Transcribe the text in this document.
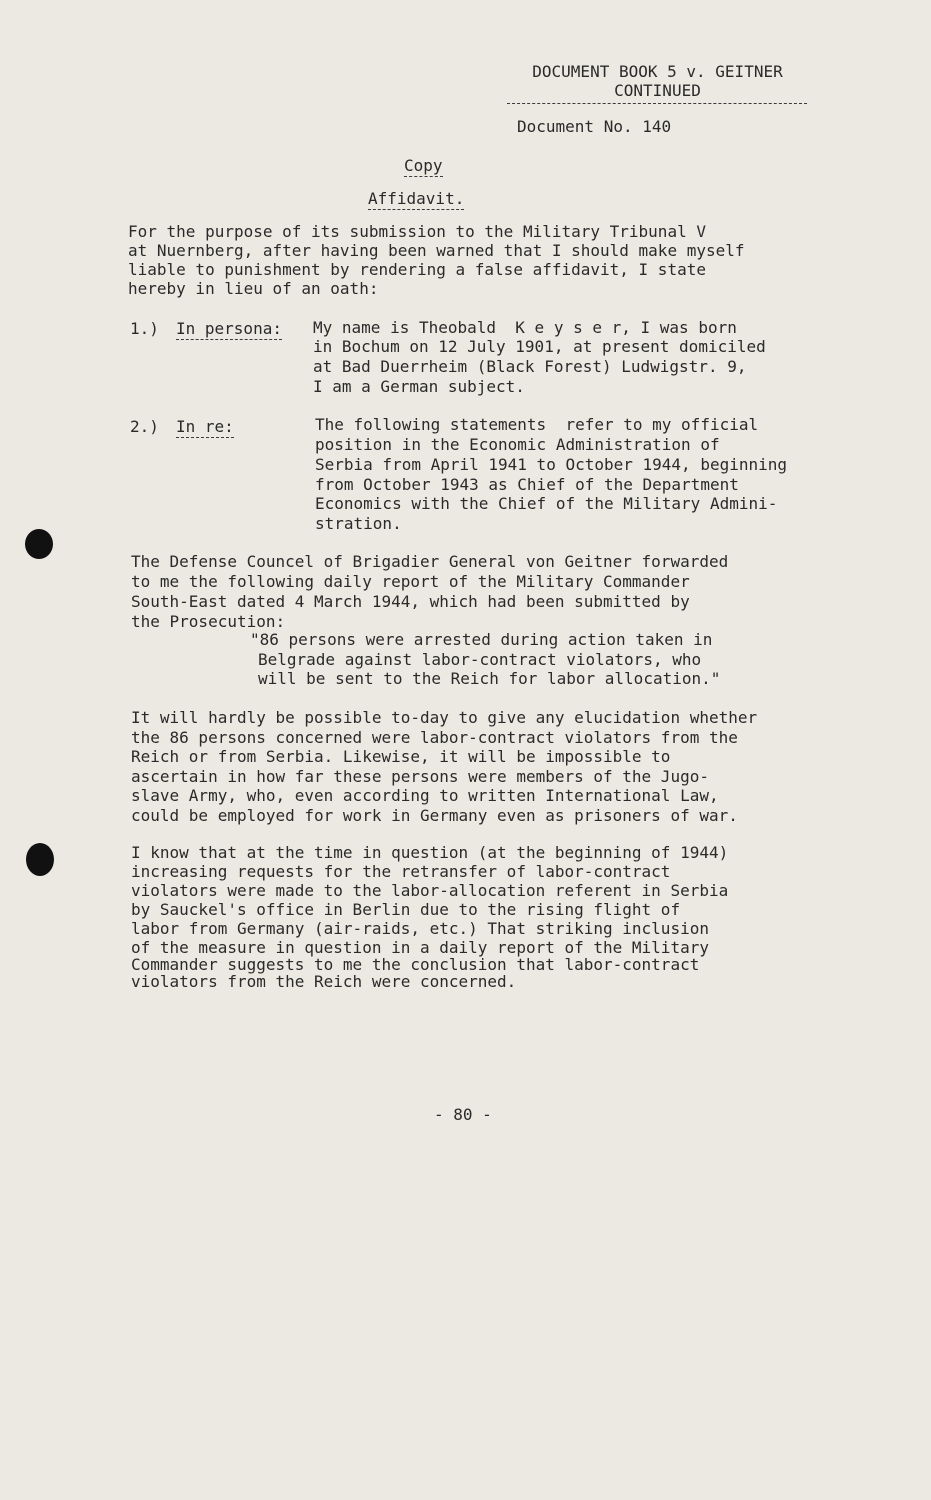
DOCUMENT BOOK 5 v. GEITNER
CONTINUED
Document No. 140
Copy
Affidavit.
For the purpose of its submission to the Military Tribunal V
at Nuernberg, after having been warned that I should make myself
liable to punishment by rendering a false affidavit, I state
hereby in lieu of an oath:
1.) In persona: My name is Theobald  K e y s e r, I was born
in Bochum on 12 July 1901, at present domiciled
at Bad Duerrheim (Black Forest) Ludwigstr. 9,
I am a German subject.
2.) In re:	The following statements  refer to my official
position in the Economic Administration of
Serbia from April 1941 to October 1944, beginning
from October 1943 as Chief of the Department
Economics with the Chief of the Military Admini-
stration.
The Defense Councel of Brigadier General von Geitner forwarded
to me the following daily report of the Military Commander
South-East dated 4 March 1944, which had been submitted by
the Prosecution:
"86 persons were arrested during action taken in
Belgrade against labor-contract violators, who
will be sent to the Reich for labor allocation."
It will hardly be possible to-day to give any elucidation whether
the 86 persons concerned were labor-contract violators from the
Reich or from Serbia. Likewise, it will be impossible to
ascertain in how far these persons were members of the Jugo-
slave Army, who, even according to written International Law,
could be employed for work in Germany even as prisoners of war.
I know that at the time in question (at the beginning of 1944)
increasing requests for the retransfer of labor-contract
violators were made to the labor-allocation referent in Serbia
by Sauckel's office in Berlin due to the rising flight of
labor from Germany (air-raids, etc.) That striking inclusion
of the measure in question in a daily report of the Military
Commander suggests to me the conclusion that labor-contract
violators from the Reich were concerned.
- 80 -
